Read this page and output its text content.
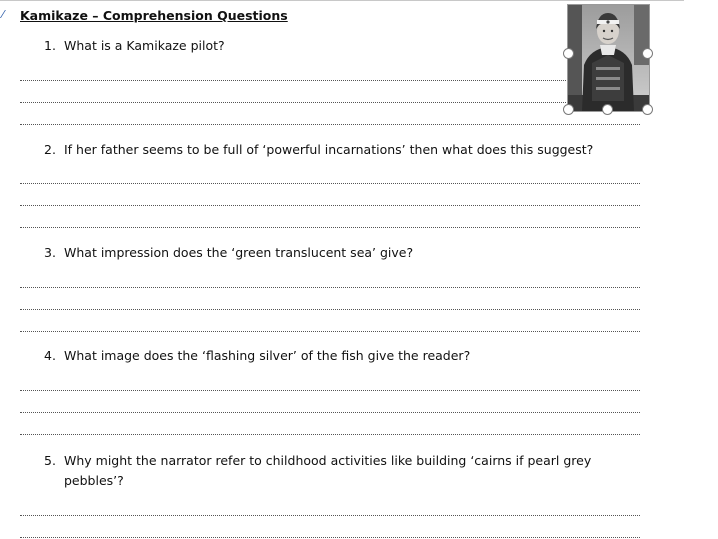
⁄ Kamikaze – Comprehension Questions
1. What is a Kamikaze pilot?
2. If her father seems to be full of ‘powerful incarnations’ then what does this suggest?
3. What impression does the ‘green translucent sea’ give?
4. What image does the ‘flashing silver’ of the fish give the reader?
5. Why might the narrator refer to childhood activities like building ‘cairns if pearl grey
pebbles’?
